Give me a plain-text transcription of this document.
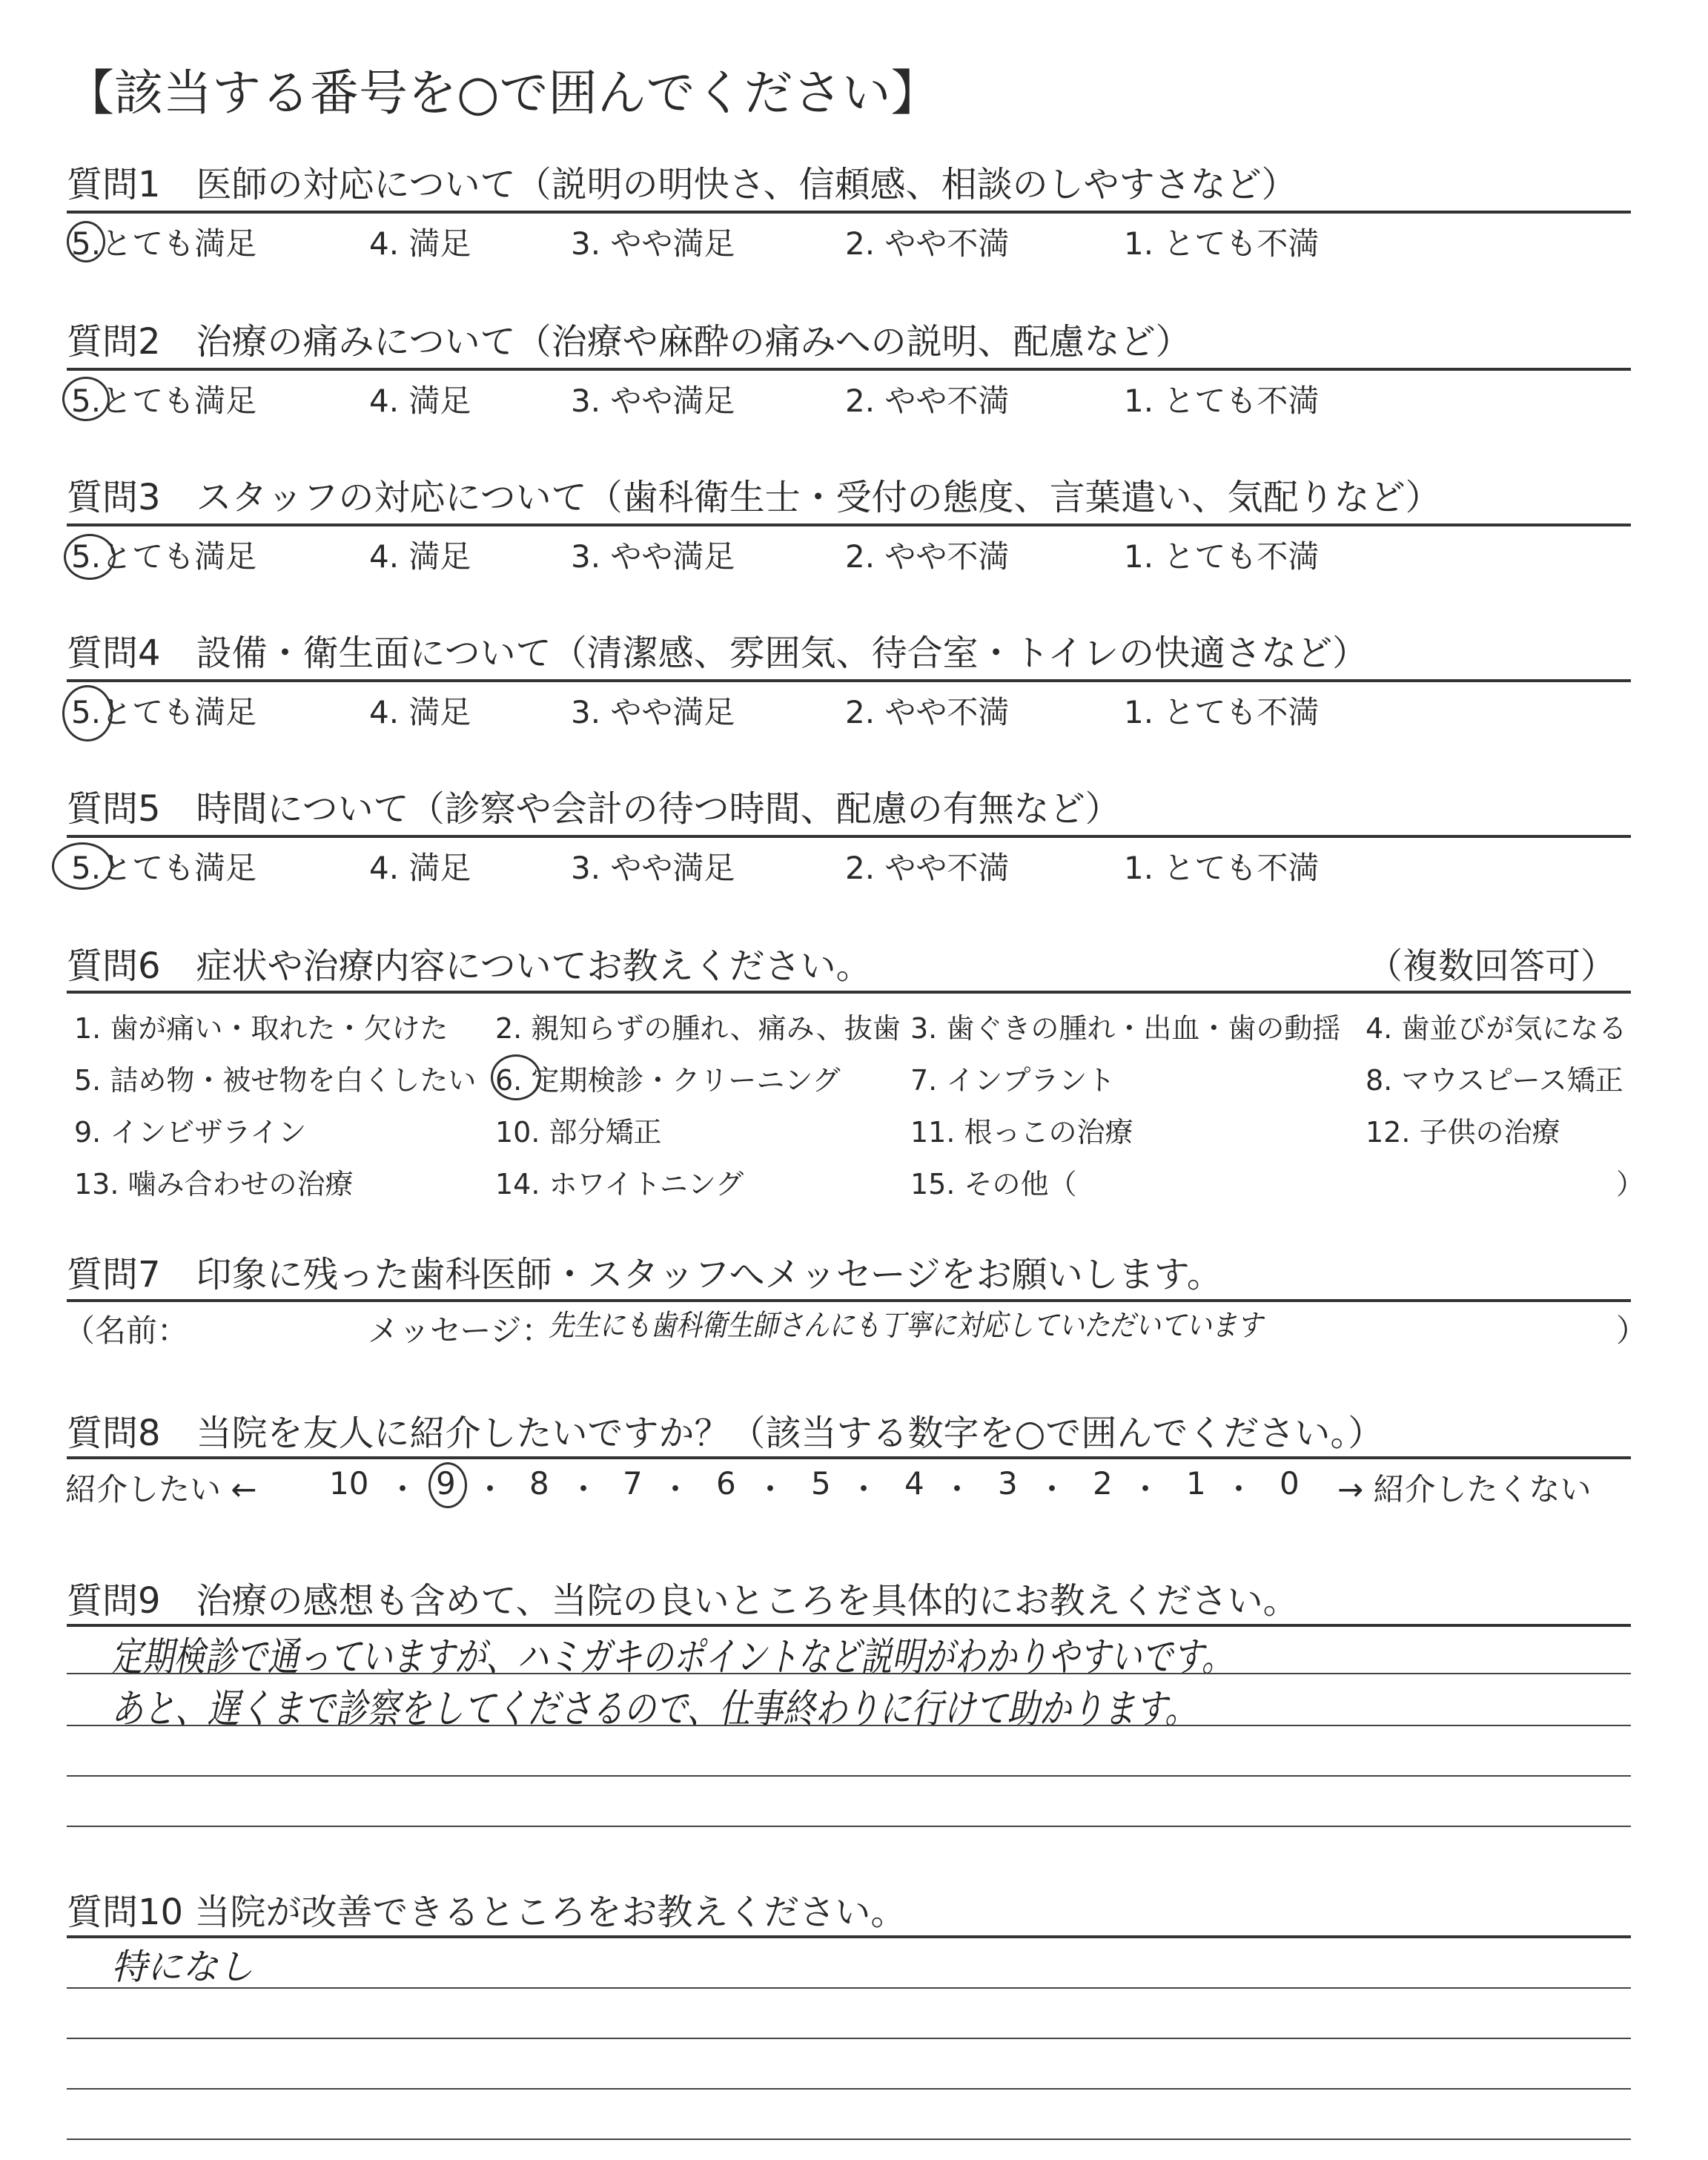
【該当する番号を○で囲んでください】
質問1　医師の対応について（説明の明快さ、信頼感、相談のしやすさなど）
5.とても満足	4. 満足	3. やや満足	2. やや不満	1. とても不満
質問2　治療の痛みについて（治療や麻酔の痛みへの説明、配慮など）
5.とても満足	4. 満足	3. やや満足	2. やや不満	1. とても不満
質問3　スタッフの対応について（歯科衛生士・受付の態度、言葉遣い、気配りなど）
5.とても満足	4. 満足	3. やや満足	2. やや不満	1. とても不満
質問4　設備・衛生面について（清潔感、雰囲気、待合室・トイレの快適さなど）
5.とても満足	4. 満足	3. やや満足	2. やや不満	1. とても不満
質問5　時間について（診察や会計の待つ時間、配慮の有無など）
5.とても満足	4. 満足	3. やや満足	2. やや不満	1. とても不満
質問6　症状や治療内容についてお教えください。	（複数回答可）
1. 歯が痛い・取れた・欠けた 2. 親知らずの腫れ、痛み、抜歯 3. 歯ぐきの腫れ・出血・歯の動揺 4. 歯並びが気になる
5. 詰め物・被せ物を白くしたい 6. 定期検診・クリーニング 7. インプラント	8. マウスピース矯正
9. インビザライン	10. 部分矯正	11. 根っこの治療	12. 子供の治療
13. 噛み合わせの治療	14. ホワイトニング	15. その他（	）
質問7　印象に残った歯科医師・スタッフへメッセージをお願いします。
（名前：	メッセージ：
先生にも歯科衛生師さんにも丁寧に対応していただいています	）
質問8　当院を友人に紹介したいですか？（該当する数字を○で囲んでください。）
紹介したい ← 10 ・ 9 ・ 8 ・ 7 ・ 6 ・ 5 ・ 4 ・ 3 ・ 2 ・ 1 ・ 0 → 紹介したくない
質問9　治療の感想も含めて、当院の良いところを具体的にお教えください。
定期検診で通っていますが、ハミガキのポイントなど説明がわかりやすいです。
あと、遅くまで診察をしてくださるので、仕事終わりに行けて助かります。
質問10 当院が改善できるところをお教えください。
特になし
